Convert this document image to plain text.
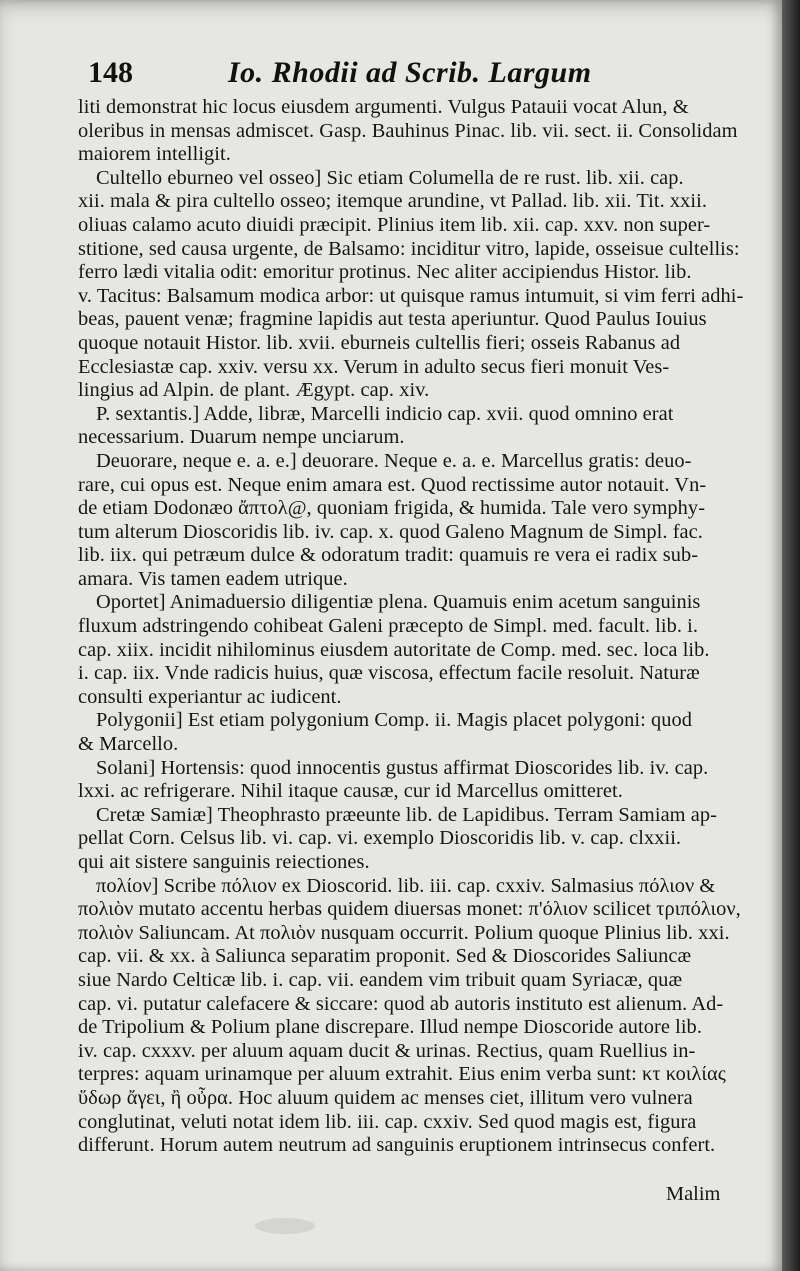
148	Io. Rhodii ad Scrib. Largum
liti demonstrat hic locus eiusdem argumenti. Vulgus Patauii vocat Alun, &
oleribus in mensas admiscet. Gasp. Bauhinus Pinac. lib. vii. sect. ii. Consolidam
maiorem intelligit.
Cultello eburneo vel osseo] Sic etiam Columella de re rust. lib. xii. cap.
xii. mala & pira cultello osseo; itemque arundine, vt Pallad. lib. xii. Tit. xxii.
oliuas calamo acuto diuidi præcipit. Plinius item lib. xii. cap. xxv. non super-
stitione, sed causa urgente, de Balsamo: inciditur vitro, lapide, osseisue cultellis:
ferro lædi vitalia odit: emoritur protinus. Nec aliter accipiendus Histor. lib.
v. Tacitus: Balsamum modica arbor: ut quisque ramus intumuit, si vim ferri adhi-
beas, pauent venæ; fragmine lapidis aut testa aperiuntur. Quod Paulus Iouius
quoque notauit Histor. lib. xvii. eburneis cultellis fieri; osseis Rabanus ad
Ecclesiastæ cap. xxiv. versu xx. Verum in adulto secus fieri monuit Ves-
lingius ad Alpin. de plant. Ægypt. cap. xiv.
P. sextantis.] Adde, libræ, Marcelli indicio cap. xvii. quod omnino erat
necessarium. Duarum nempe unciarum.
Deuorare, neque e. a. e.] deuorare. Neque e. a. e. Marcellus gratis: deuo-
rare, cui opus est. Neque enim amara est. Quod rectissime autor notauit. Vn-
de etiam Dodonæo ἄπτολ@, quoniam frigida, & humida. Tale vero symphy-
tum alterum Dioscoridis lib. iv. cap. x. quod Galeno Magnum de Simpl. fac.
lib. iix. qui petræum dulce & odoratum tradit: quamuis re vera ei radix sub-
amara. Vis tamen eadem utrique.
Oportet] Animaduersio diligentiæ plena. Quamuis enim acetum sanguinis
fluxum adstringendo cohibeat Galeni præcepto de Simpl. med. facult. lib. i.
cap. xiix. incidit nihilominus eiusdem autoritate de Comp. med. sec. loca lib.
i. cap. iix. Vnde radicis huius, quæ viscosa, effectum facile resoluit. Naturæ
consulti experiantur ac iudicent.
Polygonii] Est etiam polygonium Comp. ii. Magis placet polygoni: quod
& Marcello.
Solani] Hortensis: quod innocentis gustus affirmat Dioscorides lib. iv. cap.
lxxi. ac refrigerare. Nihil itaque causæ, cur id Marcellus omitteret.
Cretæ Samiæ] Theophrasto præeunte lib. de Lapidibus. Terram Samiam ap-
pellat Corn. Celsus lib. vi. cap. vi. exemplo Dioscoridis lib. v. cap. clxxii.
qui ait sistere sanguinis reiectiones.
πολίον] Scribe πόλιον ex Dioscorid. lib. iii. cap. cxxiv. Salmasius πόλιον &
πολιὸν mutato accentu herbas quidem diuersas monet: π'όλιον scilicet τριπόλιον,
πολιὸν Saliuncam. At πολιὸν nusquam occurrit. Polium quoque Plinius lib. xxi.
cap. vii. & xx. à Saliunca separatim proponit. Sed & Dioscorides Saliuncæ
siue Nardo Celticæ lib. i. cap. vii. eandem vim tribuit quam Syriacæ, quæ
cap. vi. putatur calefacere & siccare: quod ab autoris instituto est alienum. Ad-
de Tripolium & Polium plane discrepare. Illud nempe Dioscoride autore lib.
iv. cap. cxxxv. per aluum aquam ducit & urinas. Rectius, quam Ruellius in-
terpres: aquam urinamque per aluum extrahit. Eius enim verba sunt: κτ κοιλίας
ὕδωρ ἄγει, ἢ οὖρα. Hoc aluum quidem ac menses ciet, illitum vero vulnera
conglutinat, veluti notat idem lib. iii. cap. cxxiv. Sed quod magis est, figura
differunt. Horum autem neutrum ad sanguinis eruptionem intrinsecus confert.
Malim
